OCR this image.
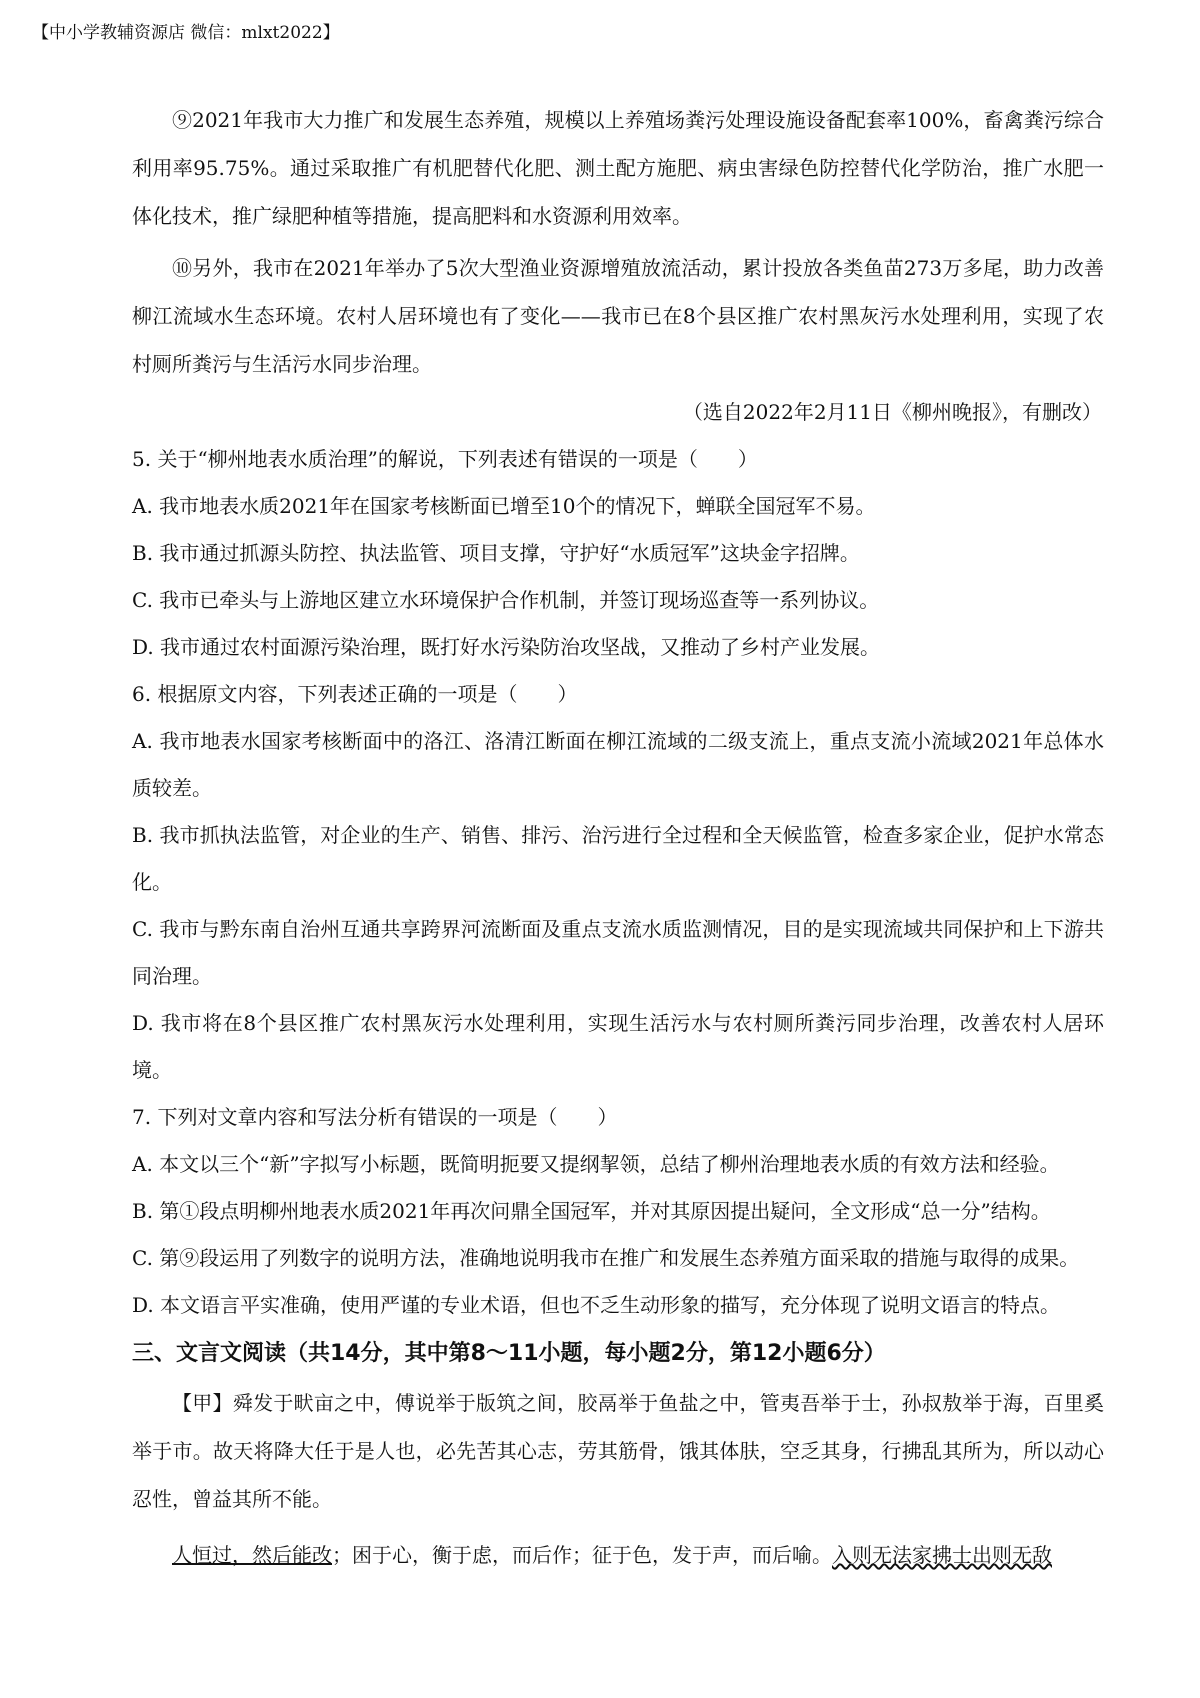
【中小学教辅资源店 微信：mlxt2022】

⑨2021年我市大力推广和发展生态养殖，规模以上养殖场粪污处理设施设备配套率100%，畜禽粪污综合利用率95.75%。通过采取推广有机肥替代化肥、测土配方施肥、病虫害绿色防控替代化学防治，推广水肥一体化技术，推广绿肥种植等措施，提高肥料和水资源利用效率。

⑩另外，我市在2021年举办了5次大型渔业资源增殖放流活动，累计投放各类鱼苗273万多尾，助力改善柳江流域水生态环境。农村人居环境也有了变化——我市已在8个县区推广农村黑灰污水处理利用，实现了农村厕所粪污与生活污水同步治理。

（选自2022年2月11日《柳州晚报》，有删改）

5. 关于“柳州地表水质治理”的解说，下列表述有错误的一项是（　　）

A. 我市地表水质2021年在国家考核断面已增至10个的情况下，蝉联全国冠军不易。

B. 我市通过抓源头防控、执法监管、项目支撑，守护好“水质冠军”这块金字招牌。

C. 我市已牵头与上游地区建立水环境保护合作机制，并签订现场巡查等一系列协议。

D. 我市通过农村面源污染治理，既打好水污染防治攻坚战，又推动了乡村产业发展。

6. 根据原文内容，下列表述正确的一项是（　　）

A. 我市地表水国家考核断面中的洛江、洛清江断面在柳江流域的二级支流上，重点支流小流域2021年总体水质较差。

B. 我市抓执法监管，对企业的生产、销售、排污、治污进行全过程和全天候监管，检查多家企业，促护水常态化。

C. 我市与黔东南自治州互通共享跨界河流断面及重点支流水质监测情况，目的是实现流域共同保护和上下游共同治理。

D. 我市将在8个县区推广农村黑灰污水处理利用，实现生活污水与农村厕所粪污同步治理，改善农村人居环境。

7. 下列对文章内容和写法分析有错误的一项是（　　）

A. 本文以三个“新”字拟写小标题，既简明扼要又提纲挈领，总结了柳州治理地表水质的有效方法和经验。

B. 第①段点明柳州地表水质2021年再次问鼎全国冠军，并对其原因提出疑问，全文形成“总一分”结构。

C. 第⑨段运用了列数字的说明方法，准确地说明我市在推广和发展生态养殖方面采取的措施与取得的成果。

D. 本文语言平实准确，使用严谨的专业术语，但也不乏生动形象的描写，充分体现了说明文语言的特点。

三、文言文阅读（共14分，其中第8～11小题，每小题2分，第12小题6分）

【甲】舜发于畎亩之中，傅说举于版筑之间，胶鬲举于鱼盐之中，管夷吾举于士，孙叔敖举于海，百里奚举于市。故天将降大任于是人也，必先苦其心志，劳其筋骨，饿其体肤，空乏其身，行拂乱其所为，所以动心忍性，曾益其所不能。

人恒过，然后能改；困于心，衡于虑，而后作；征于色，发于声，而后喻。入则无法家拂士出则无敌
